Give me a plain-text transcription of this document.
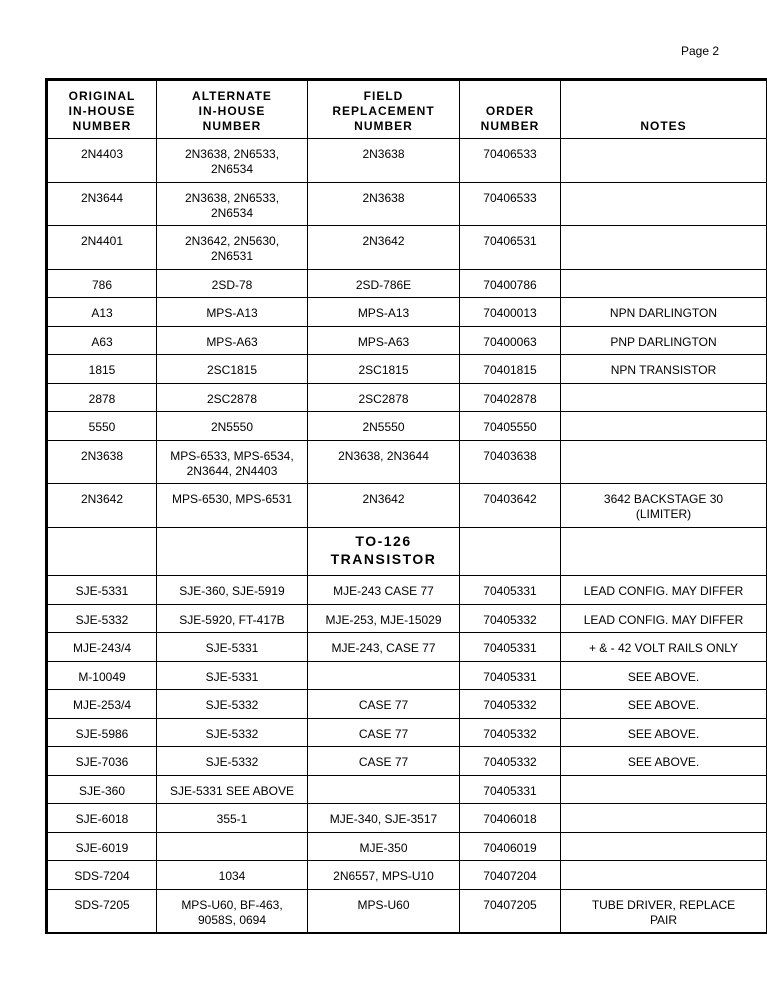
Page 2
ORIGINAL
IN-HOUSE
NUMBER	ALTERNATE
IN-HOUSE
NUMBER	FIELD
REPLACEMENT
NUMBER	ORDER
NUMBER	NOTES

2N4403	2N3638, 2N6533,
2N6534	2N3638	70406533	
2N3644	2N3638, 2N6533,
2N6534	2N3638	70406533	
2N4401	2N3642, 2N5630,
2N6531	2N3642	70406531	
786	2SD-78	2SD-786E	70400786	
A13	MPS-A13	MPS-A13	70400013	NPN DARLINGTON

A63	MPS-A63	MPS-A63	70400063	PNP DARLINGTON

1815	2SC1815	2SC1815	70401815	NPN TRANSISTOR

2878	2SC2878	2SC2878	70402878	
5550	2N5550	2N5550	70405550	
2N3638	MPS-6533, MPS-6534,
2N3644, 2N4403	2N3638, 2N3644	70403638	
2N3642	MPS-6530, MPS-6531	2N3642	70403642	3642 BACKSTAGE 30
(LIMITER)

		TO-126
TRANSISTOR		

SJE-5331	SJE-360, SJE-5919	MJE-243 CASE 77	70405331	LEAD CONFIG. MAY DIFFER

SJE-5332	SJE-5920, FT-417B	MJE-253, MJE-15029	70405332	LEAD CONFIG. MAY DIFFER

MJE-243/4	SJE-5331	MJE-243, CASE 77	70405331	+ & - 42 VOLT RAILS ONLY

M-10049	SJE-5331		70405331	SEE ABOVE.

MJE-253/4	SJE-5332	CASE 77	70405332	SEE ABOVE.

SJE-5986	SJE-5332	CASE 77	70405332	SEE ABOVE.

SJE-7036	SJE-5332	CASE 77	70405332	SEE ABOVE.

SJE-360	SJE-5331 SEE ABOVE		70405331	
SJE-6018	355-1	MJE-340, SJE-3517	70406018	
SJE-6019		MJE-350	70406019	
SDS-7204	1034	2N6557, MPS-U10	70407204	
SDS-7205	MPS-U60, BF-463,
9058S, 0694	MPS-U60	70407205	TUBE DRIVER, REPLACE
PAIR
